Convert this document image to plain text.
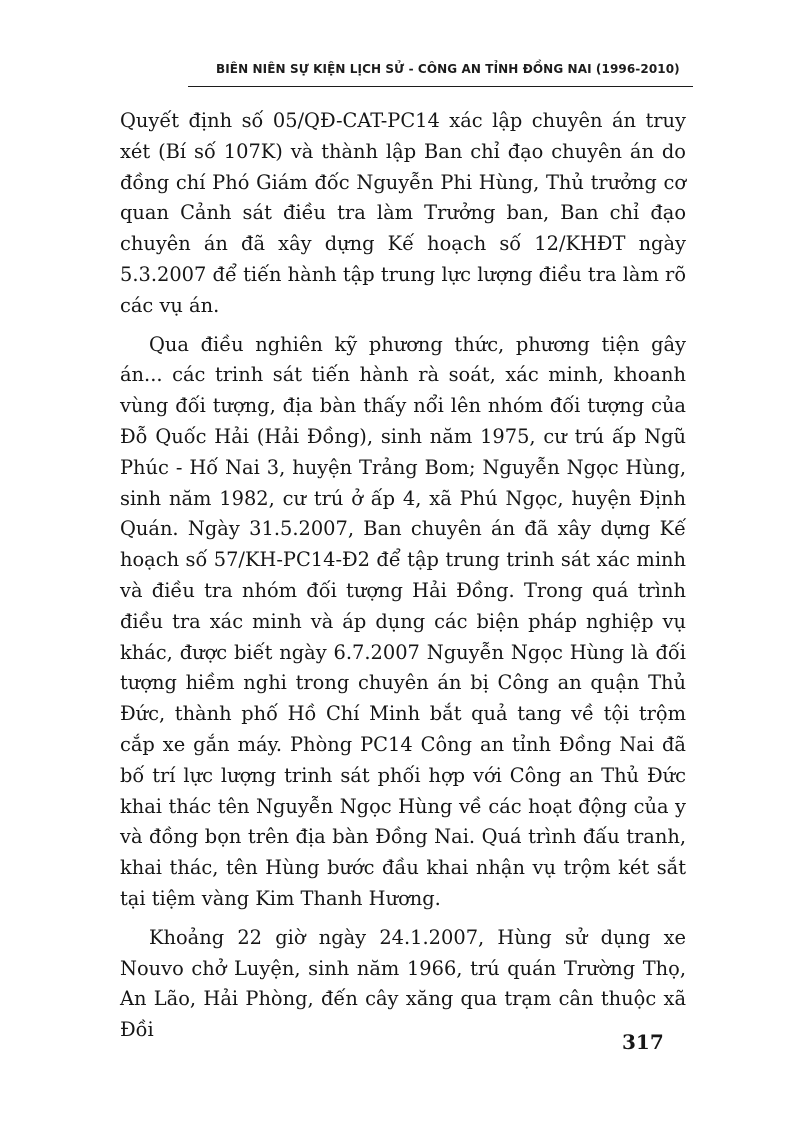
BIÊN NIÊN SỰ KIỆN LỊCH SỬ - CÔNG AN TỈNH ĐỒNG NAI (1996-2010)

Quyết định số 05/QĐ-CAT-PC14 xác lập chuyên án truy xét (Bí số 107K) và thành lập Ban chỉ đạo chuyên án do đồng chí Phó Giám đốc Nguyễn Phi Hùng, Thủ trưởng cơ quan Cảnh sát điều tra làm Trưởng ban, Ban chỉ đạo chuyên án đã xây dựng Kế hoạch số 12/KHĐT ngày 5.3.2007 để tiến hành tập trung lực lượng điều tra làm rõ các vụ án.

Qua điều nghiên kỹ phương thức, phương tiện gây án... các trinh sát tiến hành rà soát, xác minh, khoanh vùng đối tượng, địa bàn thấy nổi lên nhóm đối tượng của Đỗ Quốc Hải (Hải Đồng), sinh năm 1975, cư trú ấp Ngũ Phúc - Hố Nai 3, huyện Trảng Bom; Nguyễn Ngọc Hùng, sinh năm 1982, cư trú ở ấp 4, xã Phú Ngọc, huyện Định Quán. Ngày 31.5.2007, Ban chuyên án đã xây dựng Kế hoạch số 57/KH-PC14-Đ2 để tập trung trinh sát xác minh và điều tra nhóm đối tượng Hải Đồng. Trong quá trình điều tra xác minh và áp dụng các biện pháp nghiệp vụ khác, được biết ngày 6.7.2007 Nguyễn Ngọc Hùng là đối tượng hiềm nghi trong chuyên án bị Công an quận Thủ Đức, thành phố Hồ Chí Minh bắt quả tang về tội trộm cắp xe gắn máy. Phòng PC14 Công an tỉnh Đồng Nai đã bố trí lực lượng trinh sát phối hợp với Công an Thủ Đức khai thác tên Nguyễn Ngọc Hùng về các hoạt động của y và đồng bọn trên địa bàn Đồng Nai. Quá trình đấu tranh, khai thác, tên Hùng bước đầu khai nhận vụ trộm két sắt tại tiệm vàng Kim Thanh Hương.

Khoảng 22 giờ ngày 24.1.2007, Hùng sử dụng xe Nouvo chở Luyện, sinh năm 1966, trú quán Trường Thọ, An Lão, Hải Phòng, đến cây xăng qua trạm cân thuộc xã Đồi

317
